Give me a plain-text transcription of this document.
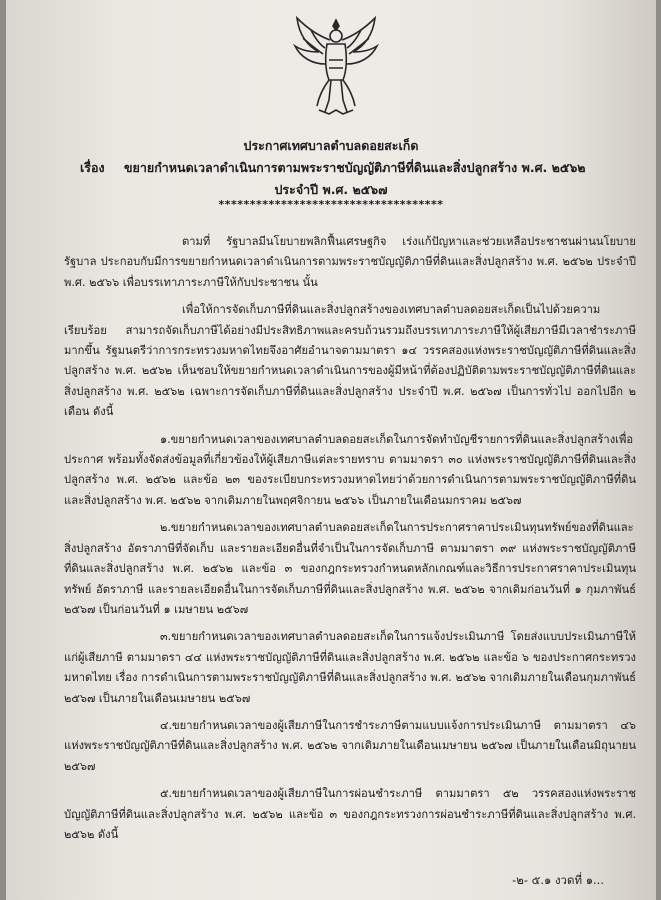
ประกาศเทศบาลตำบลดอยสะเก็ด
เรื่อง ขยายกำหนดเวลาดำเนินการตามพระราชบัญญัติภาษีที่ดินและสิ่งปลูกสร้าง พ.ศ. ๒๕๖๒
ประจำปี พ.ศ. ๒๕๖๗
************************************

ตามที่ รัฐบาลมีนโยบายพลิกฟื้นเศรษฐกิจ เร่งแก้ปัญหาและช่วยเหลือประชาชนผ่านนโยบายรัฐบาล ประกอบกับมีการขยายกำหนดเวลาดำเนินการตามพระราชบัญญัติภาษีที่ดินและสิ่งปลูกสร้าง พ.ศ. ๒๕๖๒ ประจำปี พ.ศ. ๒๕๖๖ เพื่อบรรเทาภาระภาษีให้กับประชาชน นั้น

เพื่อให้การจัดเก็บภาษีที่ดินและสิ่งปลูกสร้างของเทศบาลตำบลดอยสะเก็ดเป็นไปด้วยความเรียบร้อย สามารถจัดเก็บภาษีได้อย่างมีประสิทธิภาพและครบถ้วนรวมถึงบรรเทาภาระภาษีให้ผู้เสียภาษีมีเวลาชำระภาษีมากขึ้น รัฐมนตรีว่าการกระทรวงมหาดไทยจึงอาศัยอำนาจตามมาตรา ๑๔ วรรคสองแห่งพระราชบัญญัติภาษีที่ดินและสิ่งปลูกสร้าง พ.ศ. ๒๕๖๒ เห็นชอบให้ขยายกำหนดเวลาดำเนินการของผู้มีหน้าที่ต้องปฏิบัติตามพระราชบัญญัติภาษีที่ดินและสิ่งปลูกสร้าง พ.ศ. ๒๕๖๒ เฉพาะการจัดเก็บภาษีที่ดินและสิ่งปลูกสร้าง ประจำปี พ.ศ. ๒๕๖๗ เป็นการทั่วไป ออกไปอีก ๒ เดือน ดังนี้

๑.ขยายกำหนดเวลาของเทศบาลตำบลดอยสะเก็ดในการจัดทำบัญชีรายการที่ดินและสิ่งปลูกสร้างเพื่อประกาศ พร้อมทั้งจัดส่งข้อมูลที่เกี่ยวข้องให้ผู้เสียภาษีแต่ละรายทราบ ตามมาตรา ๓๐ แห่งพระราชบัญญัติภาษีที่ดินและสิ่งปลูกสร้าง พ.ศ. ๒๕๖๒ และข้อ ๒๓ ของระเบียบกระทรวงมหาดไทยว่าด้วยการดำเนินการตามพระราชบัญญัติภาษีที่ดินและสิ่งปลูกสร้าง พ.ศ. ๒๕๖๒ จากเดิมภายในพฤศจิกายน ๒๕๖๖ เป็นภายในเดือนมกราคม ๒๕๖๗

๒.ขยายกำหนดเวลาของเทศบาลตำบลดอยสะเก็ดในการประกาศราคาประเมินทุนทรัพย์ของที่ดินและสิ่งปลูกสร้าง อัตราภาษีที่จัดเก็บ และรายละเอียดอื่นที่จำเป็นในการจัดเก็บภาษี ตามมาตรา ๓๙ แห่งพระราชบัญญัติภาษีที่ดินและสิ่งปลูกสร้าง พ.ศ. ๒๕๖๒ และข้อ ๓ ของกฎกระทรวงกำหนดหลักเกณฑ์และวิธีการประกาศราคาประเมินทุนทรัพย์ อัตราภาษี และรายละเอียดอื่นในการจัดเก็บภาษีที่ดินและสิ่งปลูกสร้าง พ.ศ. ๒๕๖๒ จากเดิมก่อนวันที่ ๑ กุมภาพันธ์ ๒๕๖๗ เป็นก่อนวันที่ ๑ เมษายน ๒๕๖๗

๓.ขยายกำหนดเวลาของเทศบาลตำบลดอยสะเก็ดในการแจ้งประเมินภาษี โดยส่งแบบประเมินภาษีให้แก่ผู้เสียภาษี ตามมาตรา ๔๔ แห่งพระราชบัญญัติภาษีที่ดินและสิ่งปลูกสร้าง พ.ศ. ๒๕๖๒ และข้อ ๖ ของประกาศกระทรวงมหาดไทย เรื่อง การดำเนินการตามพระราชบัญญัติภาษีที่ดินและสิ่งปลูกสร้าง พ.ศ. ๒๕๖๒ จากเดิมภายในเดือนกุมภาพันธ์ ๒๕๖๗ เป็นภายในเดือนเมษายน ๒๕๖๗

๔.ขยายกำหนดเวลาของผู้เสียภาษีในการชำระภาษีตามแบบแจ้งการประเมินภาษี ตามมาตรา ๔๖ แห่งพระราชบัญญัติภาษีที่ดินและสิ่งปลูกสร้าง พ.ศ. ๒๕๖๒ จากเดิมภายในเดือนเมษายน ๒๕๖๗ เป็นภายในเดือนมิถุนายน ๒๕๖๗

๕.ขยายกำหนดเวลาของผู้เสียภาษีในการผ่อนชำระภาษี ตามมาตรา ๕๒ วรรคสองแห่งพระราชบัญญัติภาษีที่ดินและสิ่งปลูกสร้าง พ.ศ. ๒๕๖๒ และข้อ ๓ ของกฎกระทรวงการผ่อนชำระภาษีที่ดินและสิ่งปลูกสร้าง พ.ศ. ๒๕๖๒ ดังนี้

-๒- ๕.๑ งวดที่ ๑...
